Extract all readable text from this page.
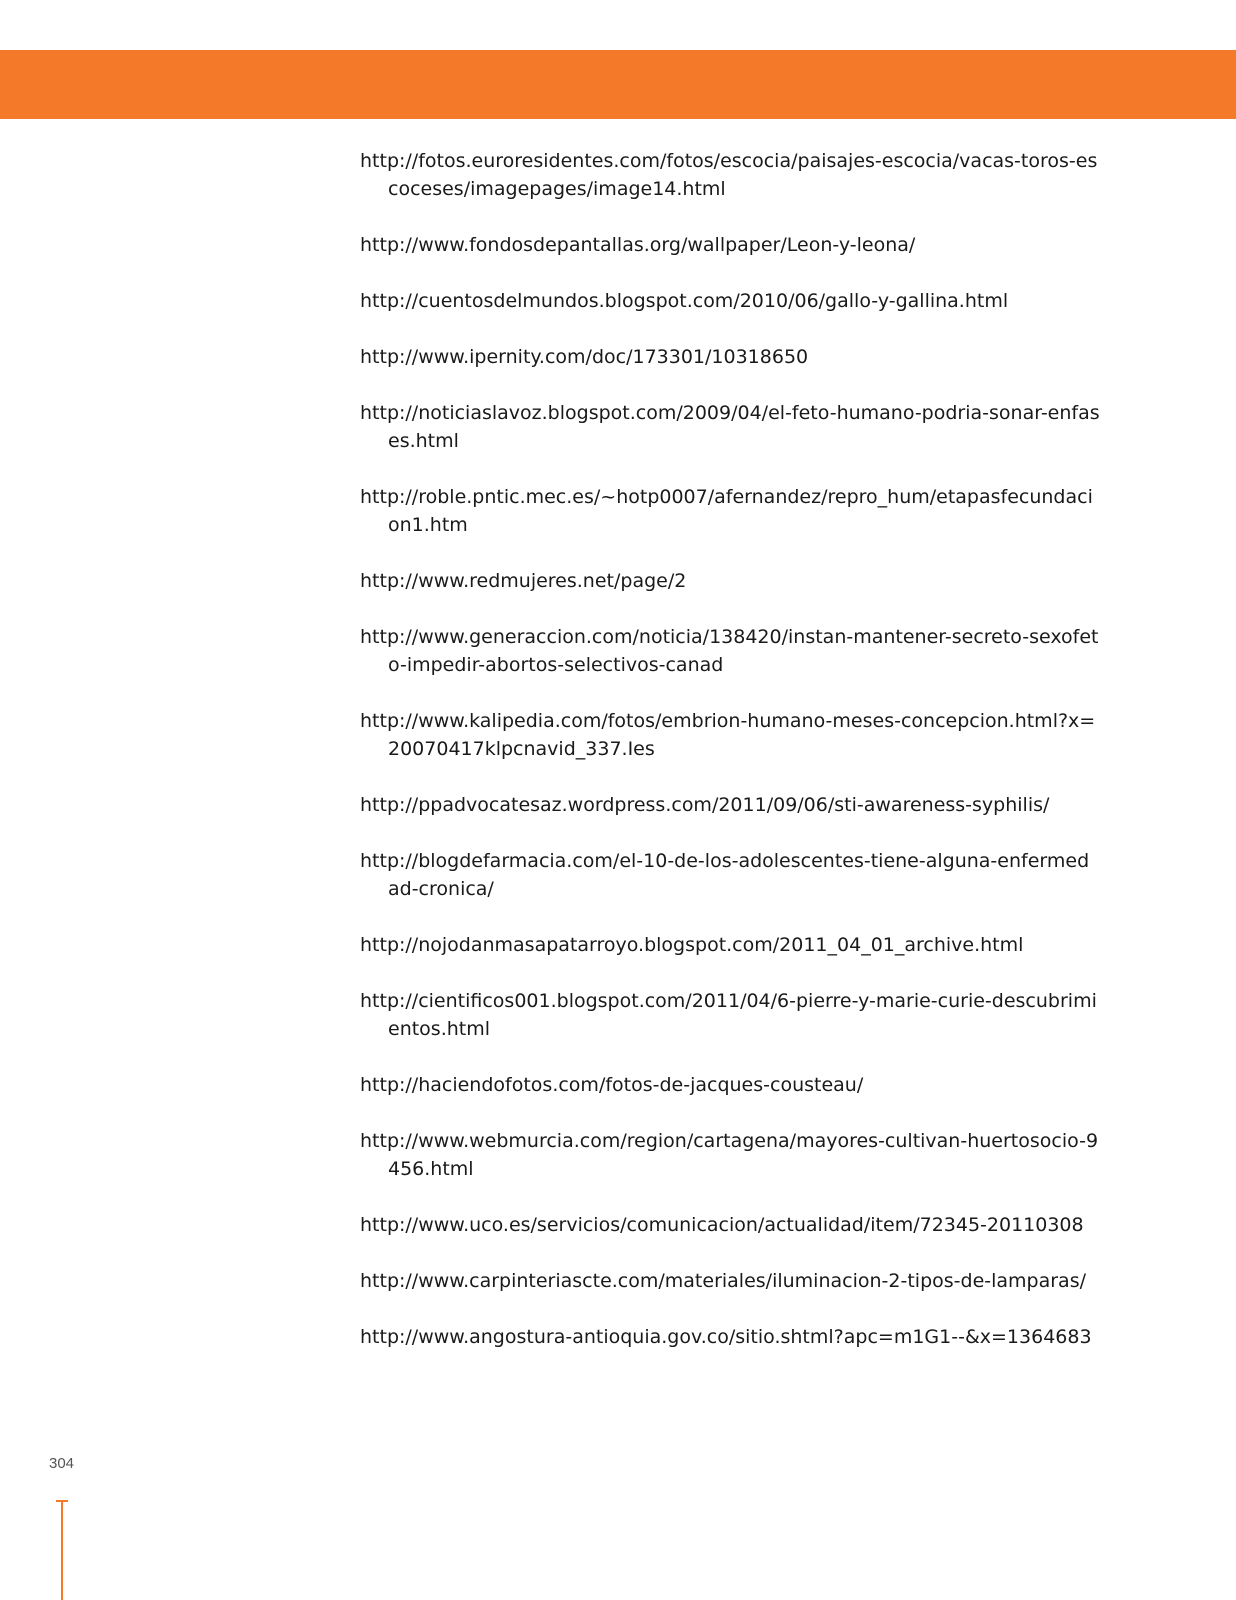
http://fotos.euroresidentes.com/fotos/escocia/paisajes-escocia/vacas-toros-escoceses/imagepages/image14.html
http://www.fondosdepantallas.org/wallpaper/Leon-y-leona/
http://cuentosdelmundos.blogspot.com/2010/06/gallo-y-gallina.html
http://www.ipernity.com/doc/173301/10318650
http://noticiaslavoz.blogspot.com/2009/04/el-feto-humano-podria-sonar-enfases.html
http://roble.pntic.mec.es/~hotp0007/afernandez/repro_hum/etapasfecundacion1.htm
http://www.redmujeres.net/page/2
http://www.generaccion.com/noticia/138420/instan-mantener-secreto-sexofeto-impedir-abortos-selectivos-canad
http://www.kalipedia.com/fotos/embrion-humano-meses-concepcion.html?x=20070417klpcnavid_337.Ies
http://ppadvocatesaz.wordpress.com/2011/09/06/sti-awareness-syphilis/
http://blogdefarmacia.com/el-10-de-los-adolescentes-tiene-alguna-enfermedad-cronica/
http://nojodanmasapatarroyo.blogspot.com/2011_04_01_archive.html
http://cientificos001.blogspot.com/2011/04/6-pierre-y-marie-curie-descubrimientos.html
http://haciendofotos.com/fotos-de-jacques-cousteau/
http://www.webmurcia.com/region/cartagena/mayores-cultivan-huertosocio-9456.html
http://www.uco.es/servicios/comunicacion/actualidad/item/72345-20110308
http://www.carpinteriascte.com/materiales/iluminacion-2-tipos-de-lamparas/
http://www.angostura-antioquia.gov.co/sitio.shtml?apc=m1G1--&x=1364683
304
